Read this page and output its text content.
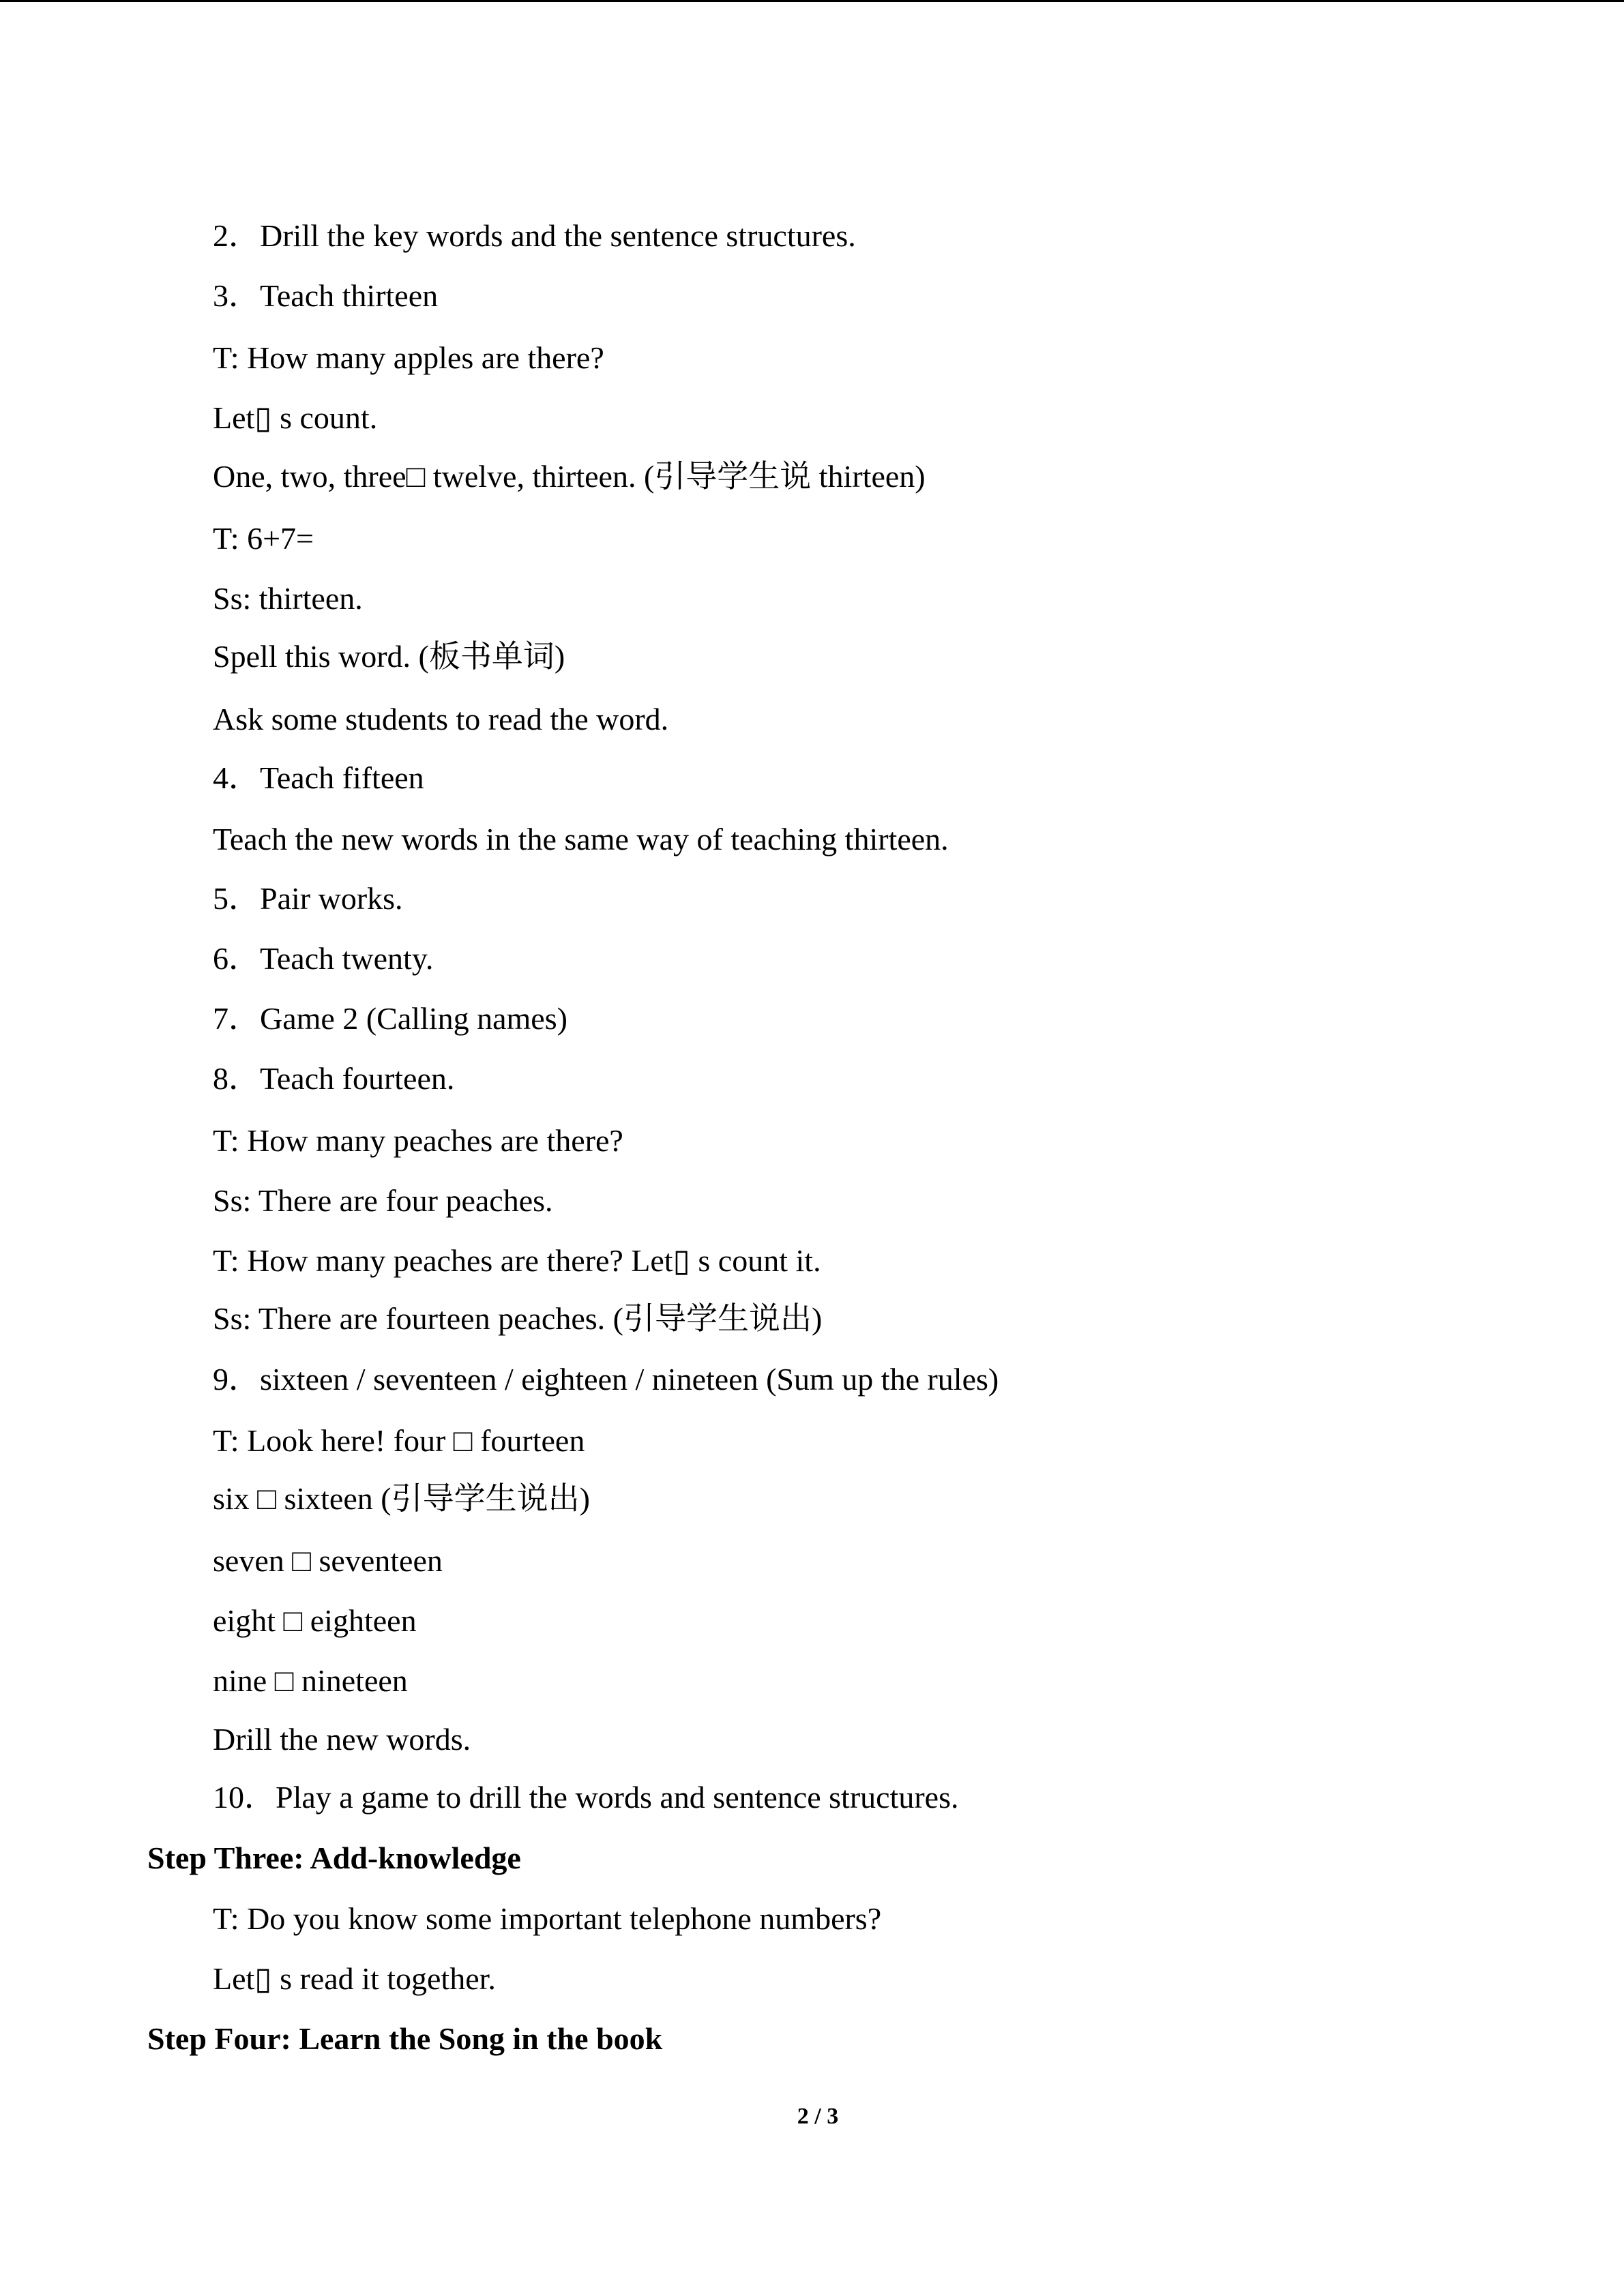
2．Drill the key words and the sentence structures.
3．Teach thirteen
T: How many apples are there?
Let▯ s count.
One, two, three□ twelve, thirteen. (引导学生说 thirteen)
T: 6+7=
Ss: thirteen.
Spell this word. (板书单词)
Ask some students to read the word.
4．Teach fifteen
Teach the new words in the same way of teaching thirteen.
5．Pair works.
6．Teach twenty.
7．Game 2 (Calling names)
8．Teach fourteen.
T: How many peaches are there?
Ss: There are four peaches.
T: How many peaches are there? Let▯ s count it.
Ss: There are fourteen peaches. (引导学生说出)
9．sixteen / seventeen / eighteen / nineteen (Sum up the rules)
T: Look here! four □ fourteen
six □ sixteen (引导学生说出)
seven □ seventeen
eight □ eighteen
nine □ nineteen
Drill the new words.
10．Play a game to drill the words and sentence structures.
Step Three: Add-knowledge
T: Do you know some important telephone numbers?
Let▯ s read it together.
Step Four: Learn the Song in the book
2 / 3
